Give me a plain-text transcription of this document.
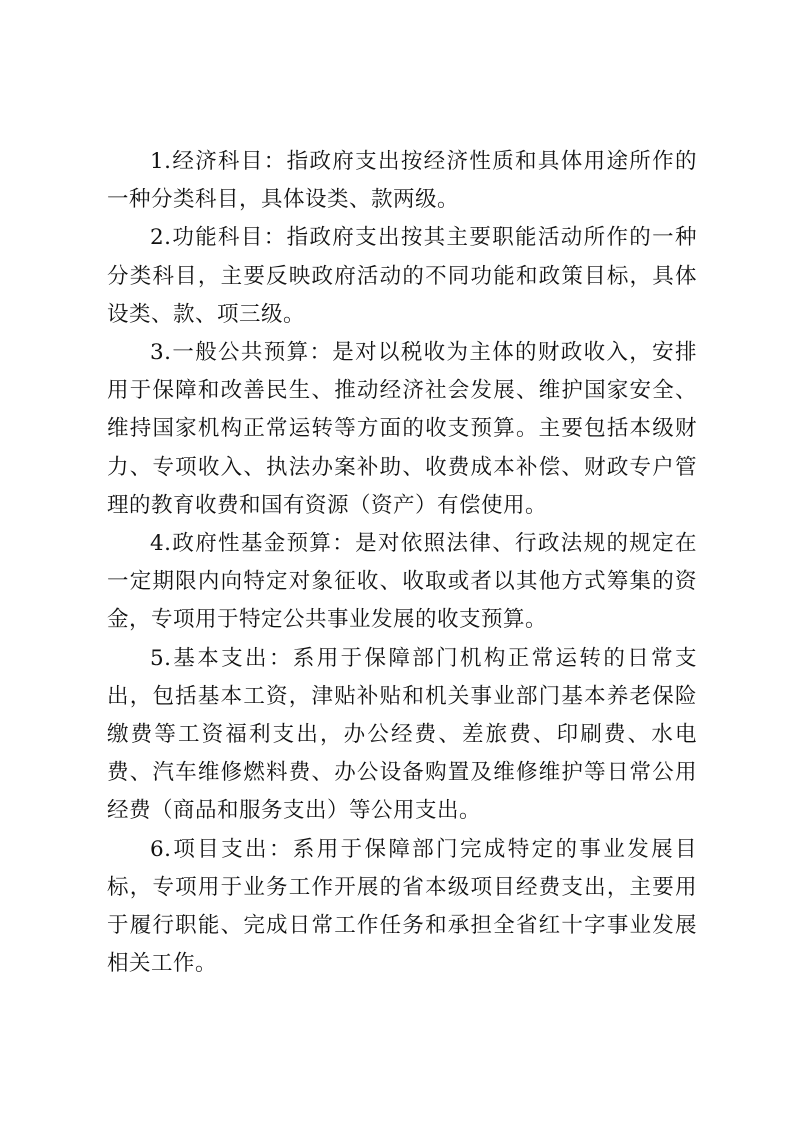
1.经济科目：指政府支出按经济性质和具体用途所作的一种分类科目，具体设类、款两级。

2.功能科目：指政府支出按其主要职能活动所作的一种分类科目，主要反映政府活动的不同功能和政策目标，具体设类、款、项三级。

3.一般公共预算：是对以税收为主体的财政收入，安排用于保障和改善民生、推动经济社会发展、维护国家安全、维持国家机构正常运转等方面的收支预算。主要包括本级财力、专项收入、执法办案补助、收费成本补偿、财政专户管理的教育收费和国有资源（资产）有偿使用。

4.政府性基金预算：是对依照法律、行政法规的规定在一定期限内向特定对象征收、收取或者以其他方式筹集的资金，专项用于特定公共事业发展的收支预算。

5.基本支出：系用于保障部门机构正常运转的日常支出，包括基本工资，津贴补贴和机关事业部门基本养老保险缴费等工资福利支出，办公经费、差旅费、印刷费、水电费、汽车维修燃料费、办公设备购置及维修维护等日常公用经费（商品和服务支出）等公用支出。

6.项目支出：系用于保障部门完成特定的事业发展目标，专项用于业务工作开展的省本级项目经费支出，主要用于履行职能、完成日常工作任务和承担全省红十字事业发展相关工作。
